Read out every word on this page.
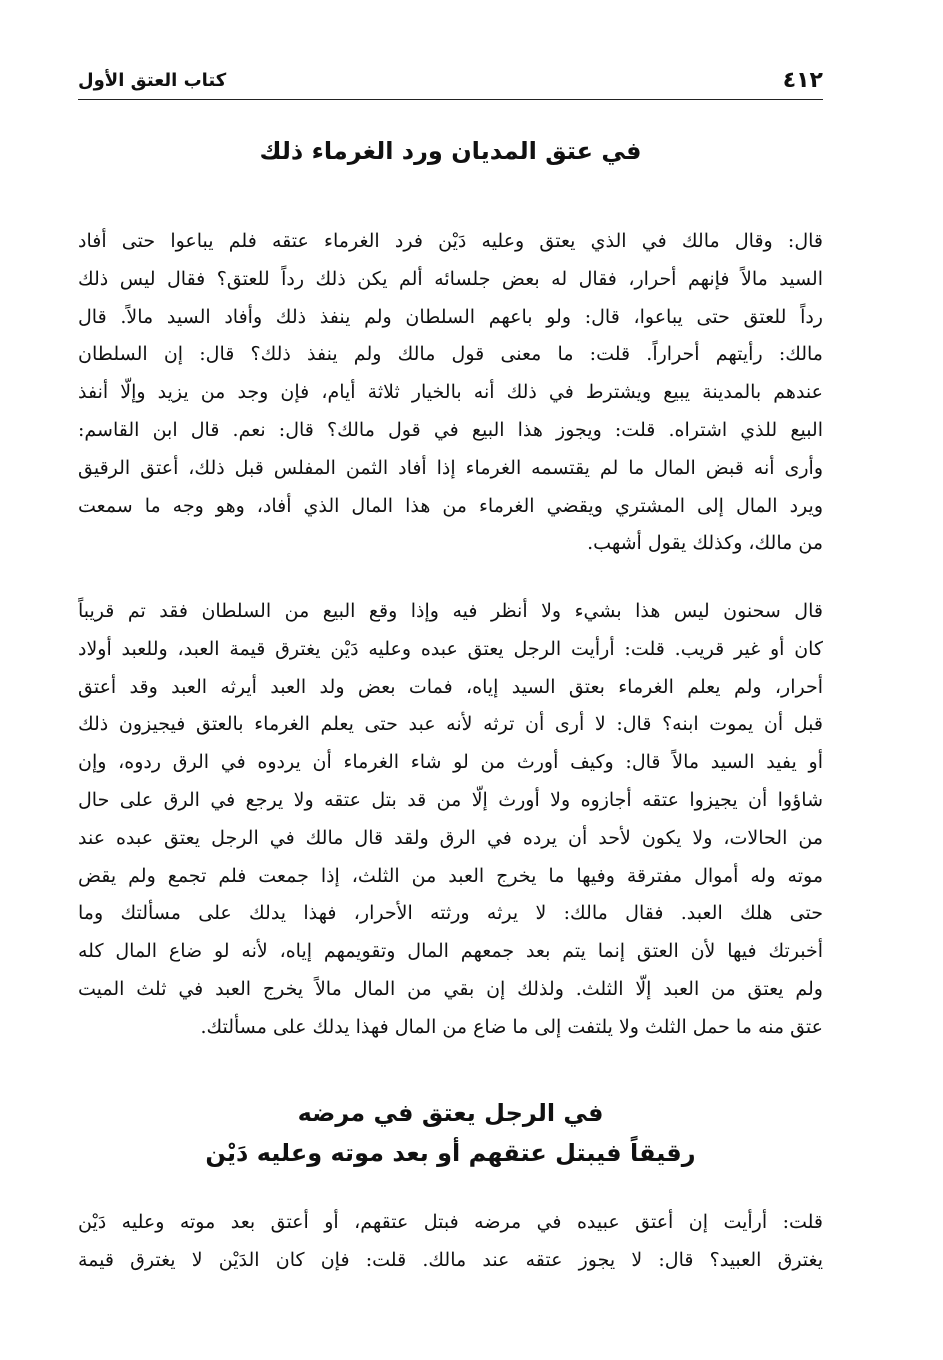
٤١٢
كتاب العتق الأول
في عتق المديان ورد الغرماء ذلك
قال: وقال مالك في الذي يعتق وعليه دَيْن فرد الغرماء عتقه فلم يباعوا حتى أفاد
السيد مالاً فإنهم أحرار، فقال له بعض جلسائه ألم يكن ذلك رداً للعتق؟ فقال ليس ذلك
رداً للعتق حتى يباعوا، قال: ولو باعهم السلطان ولم ينفذ ذلك وأفاد السيد مالاً. قال
مالك: رأيتهم أحراراً. قلت: ما معنى قول مالك ولم ينفذ ذلك؟ قال: إن السلطان
عندهم بالمدينة يبيع ويشترط في ذلك أنه بالخيار ثلاثة أيام، فإن وجد من يزيد وإلّا أنفذ
البيع للذي اشتراه. قلت: ويجوز هذا البيع في قول مالك؟ قال: نعم. قال ابن القاسم:
وأرى أنه قبض المال ما لم يقتسمه الغرماء إذا أفاد الثمن المفلس قبل ذلك، أعتق الرقيق
ويرد المال إلى المشتري ويقضي الغرماء من هذا المال الذي أفاد، وهو وجه ما سمعت
من مالك، وكذلك يقول أشهب.
قال سحنون ليس هذا بشيء ولا أنظر فيه وإذا وقع البيع من السلطان فقد تم قريباً
كان أو غير قريب. قلت: أرأيت الرجل يعتق عبده وعليه دَيْن يغترق قيمة العبد، وللعبد أولاد
أحرار، ولم يعلم الغرماء بعتق السيد إياه، فمات بعض ولد العبد أيرثه العبد وقد أعتق
قبل أن يموت ابنه؟ قال: لا أرى أن ترثه لأنه عبد حتى يعلم الغرماء بالعتق فيجيزون ذلك
أو يفيد السيد مالاً قال: وكيف أورث من لو شاء الغرماء أن يردوه في الرق ردوه، وإن
شاؤوا أن يجيزوا عتقه أجازوه ولا أورث إلّا من قد بتل عتقه ولا يرجع في الرق على حال
من الحالات، ولا يكون لأحد أن يرده في الرق ولقد قال مالك في الرجل يعتق عبده عند
موته وله أموال مفترقة وفيها ما يخرج العبد من الثلث، إذا جمعت فلم تجمع ولم يقض
حتى هلك العبد. فقال مالك: لا يرثه ورثته الأحرار، فهذا يدلك على مسألتك وما
أخبرتك فيها لأن العتق إنما يتم بعد جمعهم المال وتقويمهم إياه، لأنه لو ضاع المال كله
ولم يعتق من العبد إلّا الثلث. ولذلك إن بقي من المال مالاً يخرج العبد في ثلث الميت
عتق منه ما حمل الثلث ولا يلتفت إلى ما ضاع من المال فهذا يدلك على مسألتك.
في الرجل يعتق في مرضه
رقيقاً فيبتل عتقهم أو بعد موته وعليه دَيْن
قلت: أرأيت إن أعتق عبيده في مرضه فبتل عتقهم، أو أعتق بعد موته وعليه دَيْن
يغترق العبيد؟ قال: لا يجوز عتقه عند مالك. قلت: فإن كان الدَيْن لا يغترق قيمة
